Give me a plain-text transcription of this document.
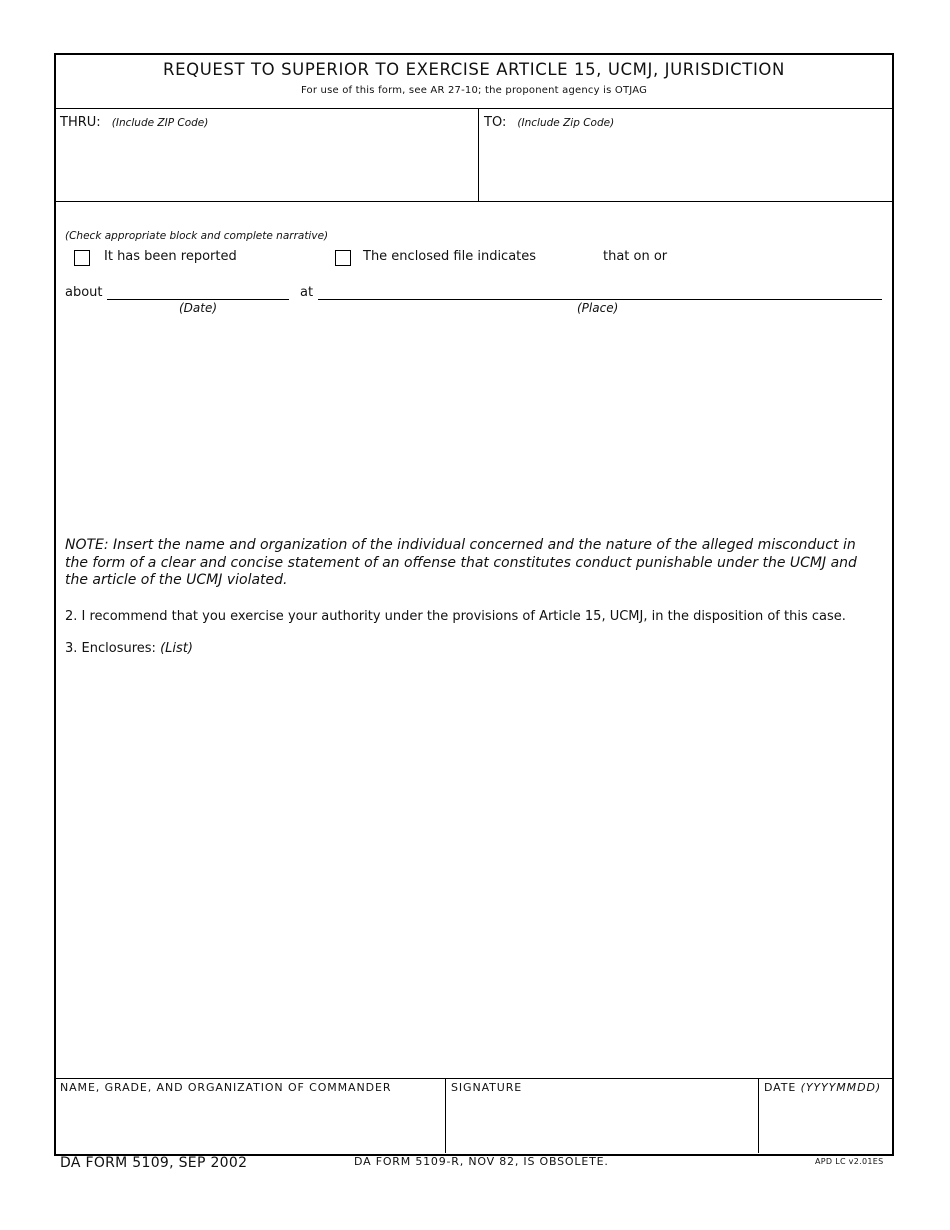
REQUEST TO SUPERIOR TO EXERCISE ARTICLE 15, UCMJ, JURISDICTION
For use of this form, see AR 27-10; the proponent agency is OTJAG
THRU: (Include ZIP Code)	TO: (Include Zip Code)
(Check appropriate block and complete narrative)
It has been reported	The enclosed file indicates	that on or
about	at
(Date)	(Place)
NOTE: Insert the name and organization of the individual concerned and the nature of the alleged misconduct in the form of a clear and concise statement of an offense that constitutes conduct punishable under the UCMJ and the article of the UCMJ violated.
2. I recommend that you exercise your authority under the provisions of Article 15, UCMJ, in the disposition of this case.
3. Enclosures: (List)
NAME, GRADE, AND ORGANIZATION OF COMMANDER	SIGNATURE	DATE (YYYYMMDD)
DA FORM 5109, SEP 2002	DA FORM 5109-R, NOV 82, IS OBSOLETE.	APD LC v2.01ES
